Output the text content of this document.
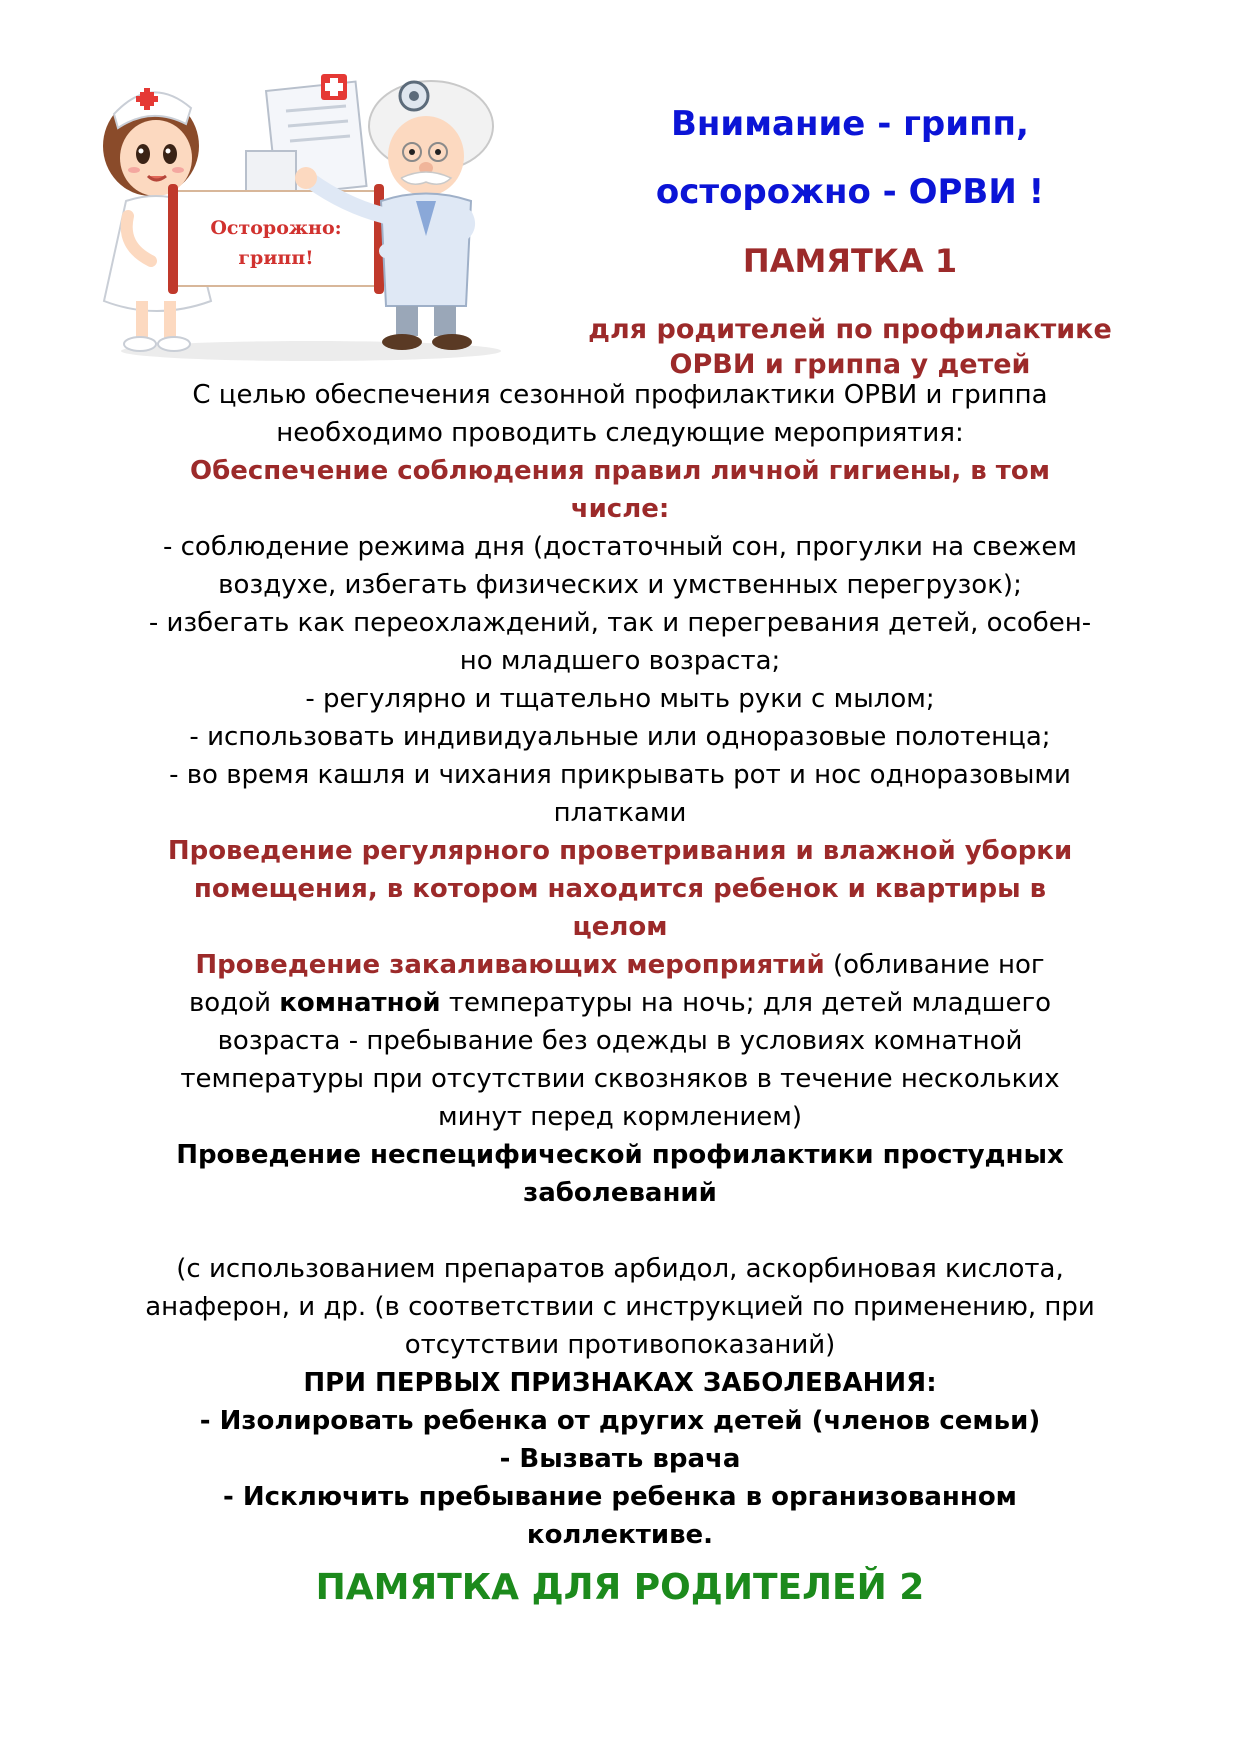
Осторожно:
грипп!

Внимание - грипп,

осторожно - ОРВИ !

ПАМЯТКА 1

для родителей по профилактике

ОРВИ и гриппа у детей

С целью обеспечения сезонной профилактики ОРВИ и гриппа

необходимо проводить следующие мероприятия:

Обеспечение соблюдения правил личной гигиены, в том

числе:

- соблюдение режима дня (достаточный сон, прогулки на свежем

воздухе, избегать физических и умственных перегрузок);

- избегать как переохлаждений, так и перегревания детей, особен-

но младшего возраста;

- регулярно и тщательно мыть руки с мылом;

- использовать индивидуальные или одноразовые полотенца;

- во время кашля и чихания прикрывать рот и нос одноразовыми

платками

Проведение регулярного проветривания и влажной уборки

помещения, в котором находится ребенок и квартиры в

целом

Проведение закаливающих мероприятий (обливание ног

водой комнатной температуры на ночь; для детей младшего

возраста - пребывание без одежды в условиях комнатной

температуры при отсутствии сквозняков в течение нескольких

минут перед кормлением)

Проведение неспецифической профилактики простудных

заболеваний

(с использованием препаратов арбидол, аскорбиновая кислота,

анаферон, и др. (в соответствии с инструкцией по применению, при

отсутствии противопоказаний)

ПРИ ПЕРВЫХ ПРИЗНАКАХ ЗАБОЛЕВАНИЯ:

- Изолировать ребенка от других детей (членов семьи)

- Вызвать врача

- Исключить пребывание ребенка в организованном

коллективе.

ПАМЯТКА ДЛЯ РОДИТЕЛЕЙ 2
